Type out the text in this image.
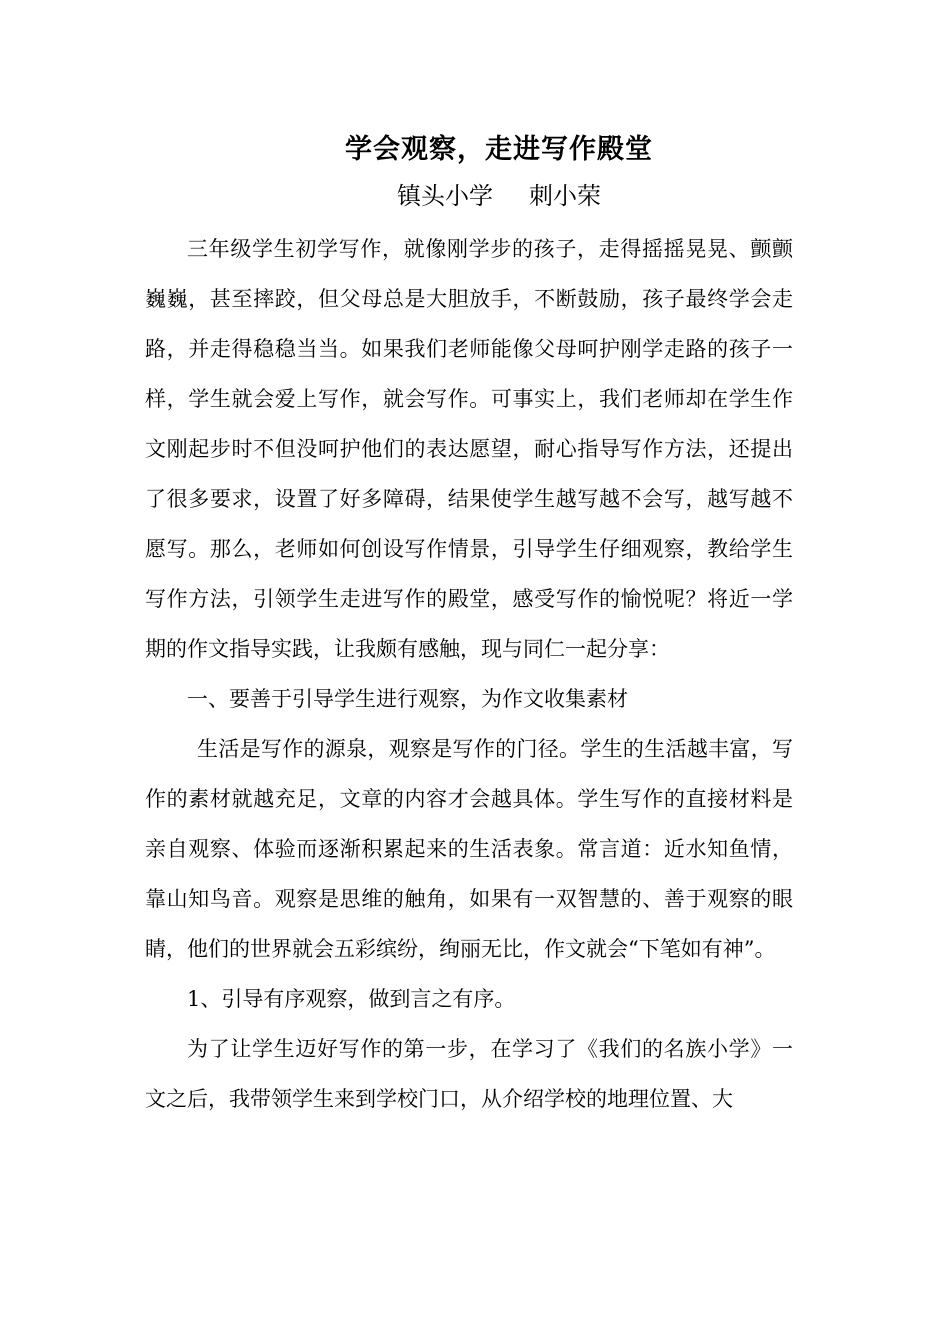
学会观察，走进写作殿堂
镇头小学 刺小荣

三年级学生初学写作，就像刚学步的孩子，走得摇摇晃晃、颤颤巍巍，甚至摔跤，但父母总是大胆放手，不断鼓励，孩子最终学会走路，并走得稳稳当当。如果我们老师能像父母呵护刚学走路的孩子一样，学生就会爱上写作，就会写作。可事实上，我们老师却在学生作文刚起步时不但没呵护他们的表达愿望，耐心指导写作方法，还提出了很多要求，设置了好多障碍，结果使学生越写越不会写，越写越不愿写。那么，老师如何创设写作情景，引导学生仔细观察，教给学生写作方法，引领学生走进写作的殿堂，感受写作的愉悦呢？将近一学期的作文指导实践，让我颇有感触，现与同仁一起分享：

一、要善于引导学生进行观察，为作文收集素材

生活是写作的源泉，观察是写作的门径。学生的生活越丰富，写作的素材就越充足，文章的内容才会越具体。学生写作的直接材料是亲自观察、体验而逐渐积累起来的生活表象。常言道：近水知鱼情，靠山知鸟音。观察是思维的触角，如果有一双智慧的、善于观察的眼睛，他们的世界就会五彩缤纷，绚丽无比，作文就会“下笔如有神”。

1、引导有序观察，做到言之有序。

为了让学生迈好写作的第一步，在学习了《我们的名族小学》一文之后，我带领学生来到学校门口，从介绍学校的地理位置、大
